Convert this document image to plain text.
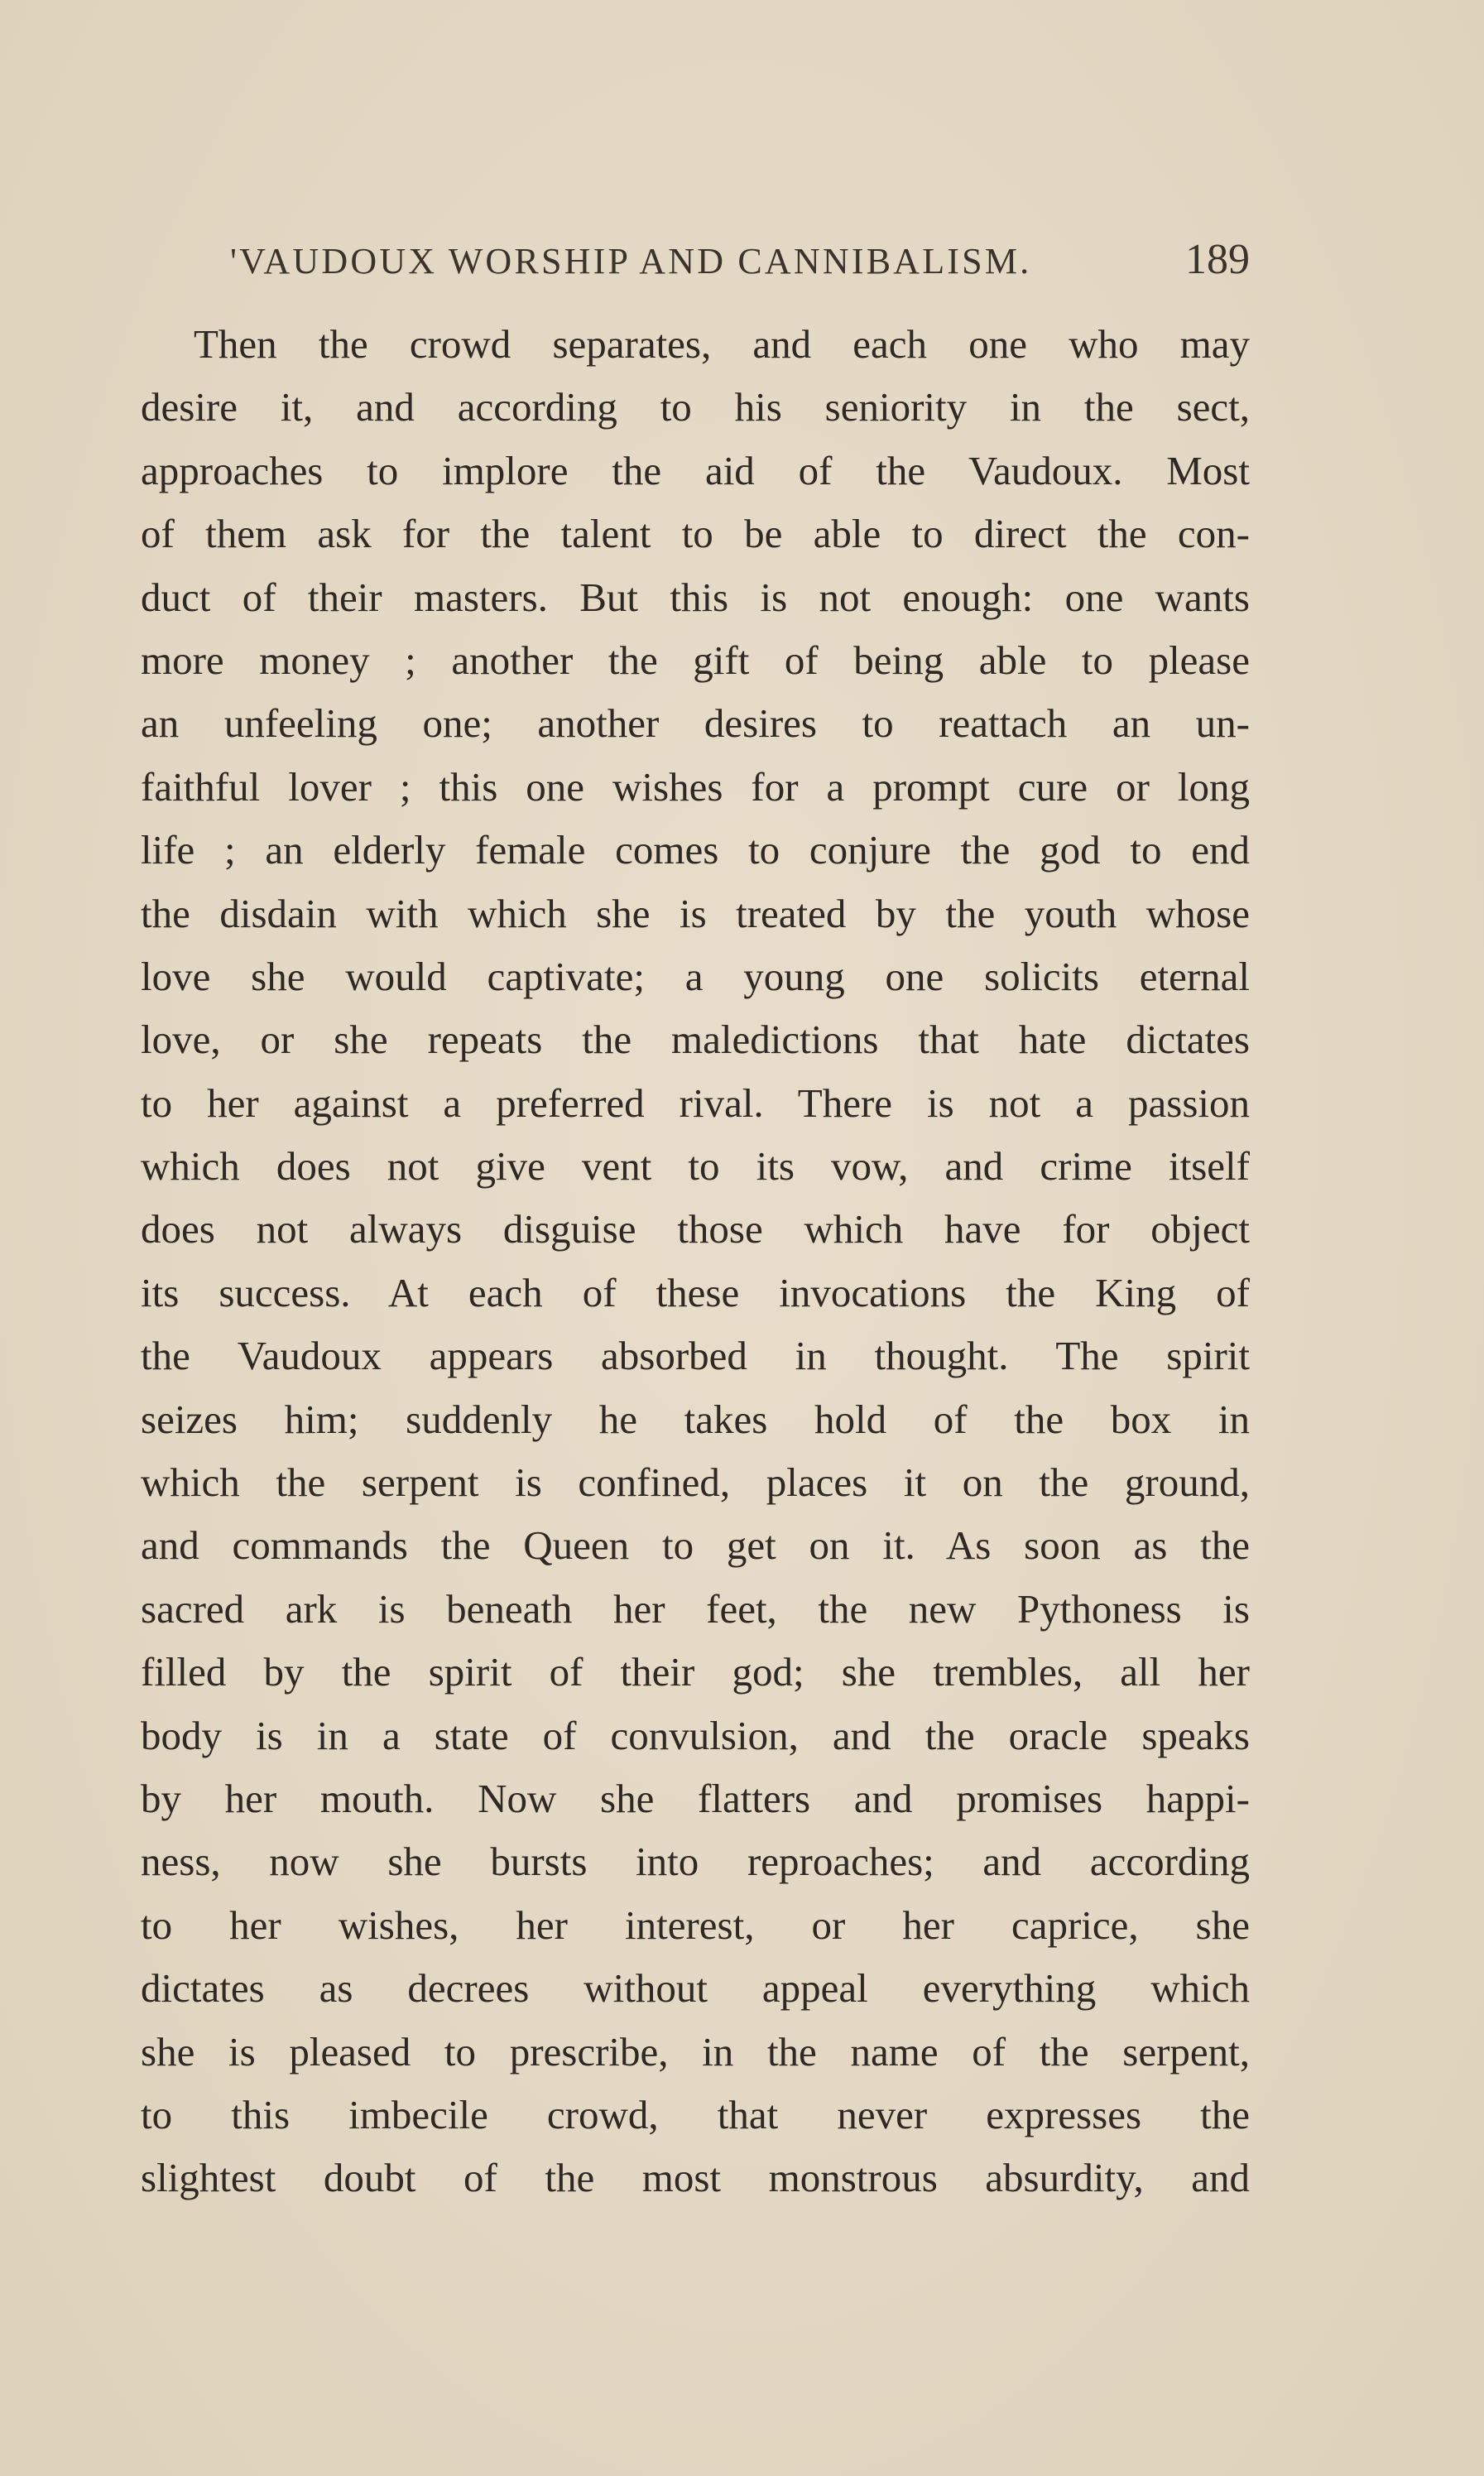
'VAUDOUX WORSHIP AND CANNIBALISM.	189
Then the crowd separates, and each one who may
desire it, and according to his seniority in the sect,
approaches to implore the aid of the Vaudoux. Most
of them ask for the talent to be able to direct the con-
duct of their masters. But this is not enough: one wants
more money ; another the gift of being able to please
an unfeeling one; another desires to reattach an un-
faithful lover ; this one wishes for a prompt cure or long
life ; an elderly female comes to conjure the god to end
the disdain with which she is treated by the youth whose
love she would captivate; a young one solicits eternal
love, or she repeats the maledictions that hate dictates
to her against a preferred rival. There is not a passion
which does not give vent to its vow, and crime itself
does not always disguise those which have for object
its success. At each of these invocations the King of
the Vaudoux appears absorbed in thought. The spirit
seizes him; suddenly he takes hold of the box in
which the serpent is confined, places it on the ground,
and commands the Queen to get on it. As soon as the
sacred ark is beneath her feet, the new Pythoness is
filled by the spirit of their god; she trembles, all her
body is in a state of convulsion, and the oracle speaks
by her mouth. Now she flatters and promises happi-
ness, now she bursts into reproaches; and according
to her wishes, her interest, or her caprice, she
dictates as decrees without appeal everything which
she is pleased to prescribe, in the name of the serpent,
to this imbecile crowd, that never expresses the
slightest doubt of the most monstrous absurdity, and
